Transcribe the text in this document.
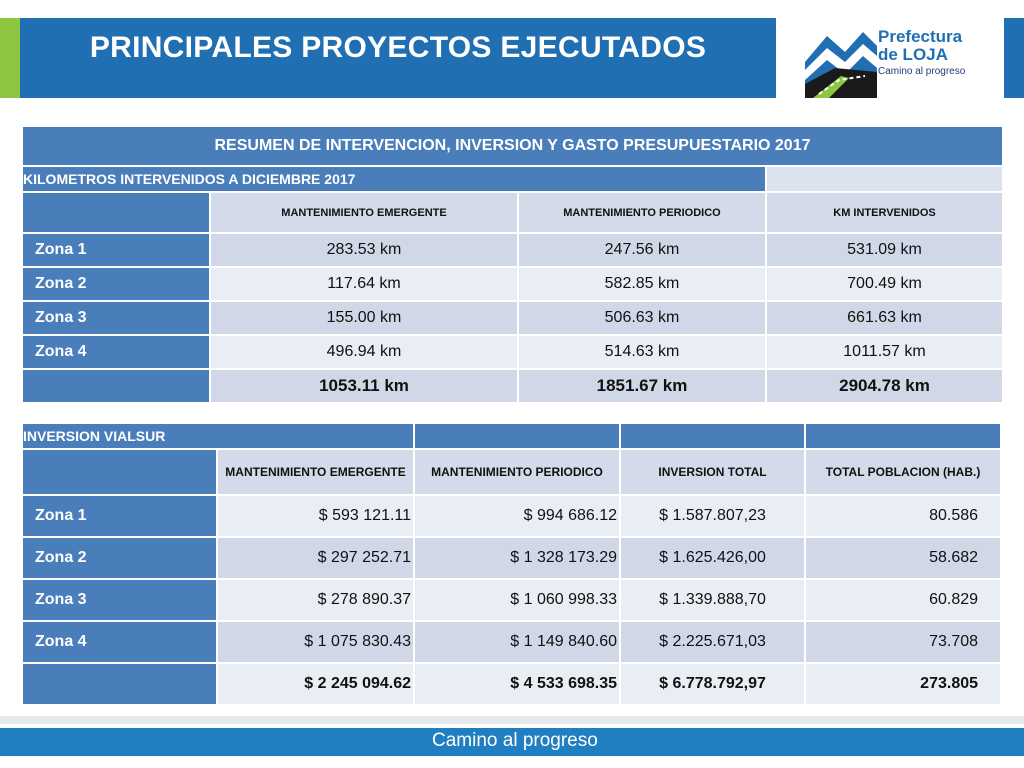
PRINCIPALES PROYECTOS EJECUTADOS	Prefectura
de LOJA
Camino al progreso
RESUMEN DE INTERVENCION, INVERSION Y GASTO PRESUPUESTARIO 2017			
KILOMETROS INTERVENIDOS A DICIEMBRE 2017			
	MANTENIMIENTO EMERGENTE	MANTENIMIENTO PERIODICO	KM INTERVENIDOS
Zona 1	283.53 km	247.56 km	531.09 km
Zona 2	117.64 km	582.85 km	700.49 km
Zona 3	155.00 km	506.63 km	661.63 km
Zona 4	496.94 km	514.63 km	1011.57 km
	1053.11 km	1851.67 km	2904.78 km
INVERSION VIALSUR				
	MANTENIMIENTO EMERGENTE	MANTENIMIENTO PERIODICO	INVERSION TOTAL	TOTAL POBLACION (HAB.)
Zona 1	$ 593 121.11	$ 994 686.12	$ 1.587.807,23	80.586
Zona 2	$ 297 252.71	$ 1 328 173.29	$ 1.625.426,00	58.682
Zona 3	$ 278 890.37	$ 1 060 998.33	$ 1.339.888,70	60.829
Zona 4	$ 1 075 830.43	$ 1 149 840.60	$ 2.225.671,03	73.708
	$ 2 245 094.62	$ 4 533 698.35	$ 6.778.792,97	273.805
Camino al progreso
